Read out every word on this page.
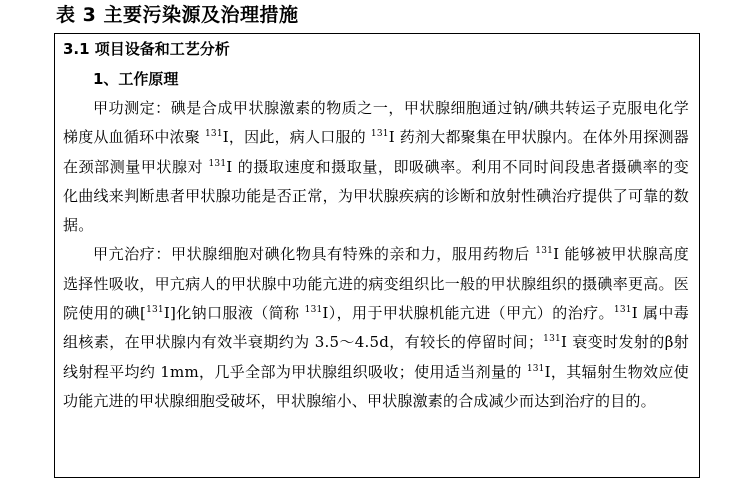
表 3 主要污染源及治理措施
3.1 项目设备和工艺分析
1、工作原理

甲功测定：碘是合成甲状腺激素的物质之一，甲状腺细胞通过钠/碘共转运子克服电化学梯度从血循环中浓聚 $^{131}$I，因此，病人口服的 $^{131}$I 药剂大都聚集在甲状腺内。在体外用探测器在颈部测量甲状腺对 $^{131}$I 的摄取速度和摄取量，即吸碘率。利用不同时间段患者摄碘率的变化曲线来判断患者甲状腺功能是否正常，为甲状腺疾病的诊断和放射性碘治疗提供了可靠的数据。

甲亢治疗：甲状腺细胞对碘化物具有特殊的亲和力，服用药物后 $^{131}$I 能够被甲状腺高度选择性吸收，甲亢病人的甲状腺中功能亢进的病变组织比一般的甲状腺组织的摄碘率更高。医院使用的碘[$^{131}$I]化钠口服液（简称 $^{131}$I），用于甲状腺机能亢进（甲亢）的治疗。$^{131}$I 属中毒组核素，在甲状腺内有效半衰期约为 3.5～4.5d，有较长的停留时间；$^{131}$I 衰变时发射的β射线射程平均约 1mm，几乎全部为甲状腺组织吸收；使用适当剂量的 $^{131}$I，其辐射生物效应使功能亢进的甲状腺细胞受破坏，甲状腺缩小、甲状腺激素的合成减少而达到治疗的目的。
